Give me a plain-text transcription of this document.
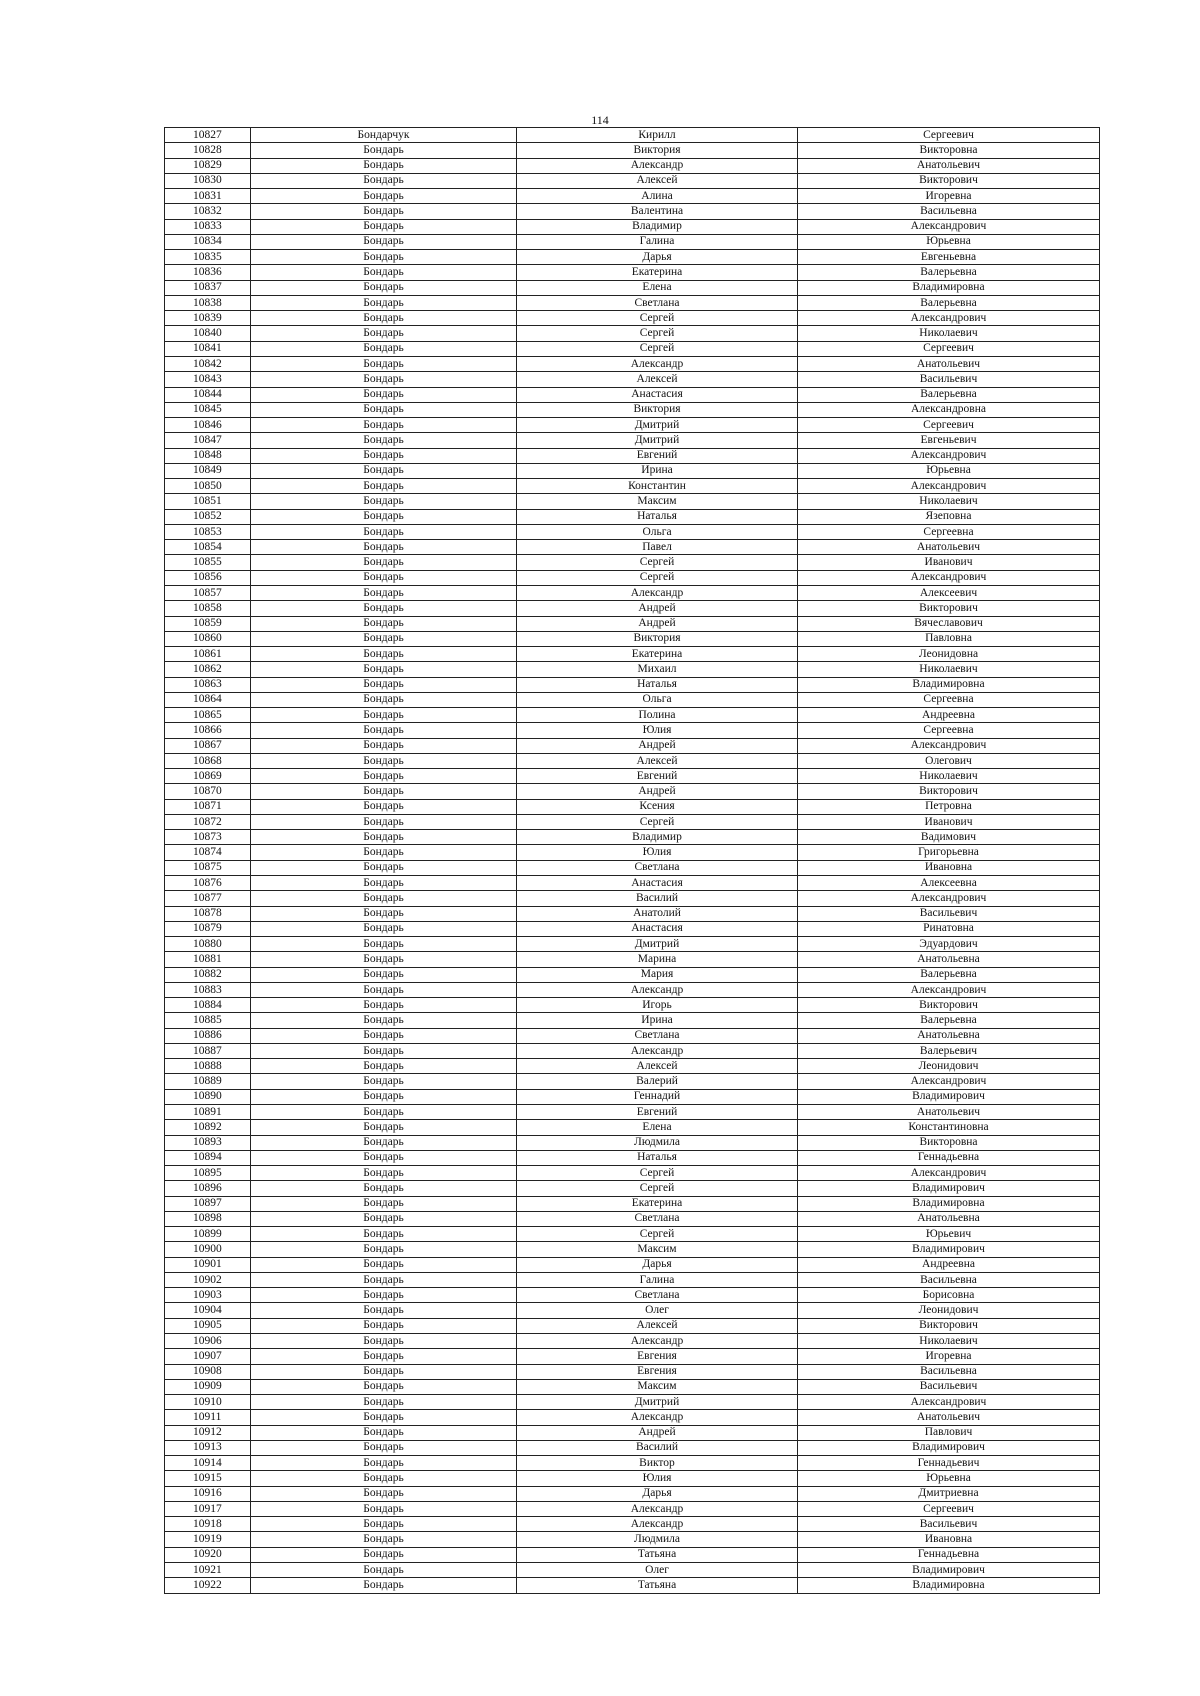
114
10827	Бондарчук	Кирилл	Сергеевич
10828	Бондарь	Виктория	Викторовна
10829	Бондарь	Александр	Анатольевич
10830	Бондарь	Алексей	Викторович
10831	Бондарь	Алина	Игоревна
10832	Бондарь	Валентина	Васильевна
10833	Бондарь	Владимир	Александрович
10834	Бондарь	Галина	Юрьевна
10835	Бондарь	Дарья	Евгеньевна
10836	Бондарь	Екатерина	Валерьевна
10837	Бондарь	Елена	Владимировна
10838	Бондарь	Светлана	Валерьевна
10839	Бондарь	Сергей	Александрович
10840	Бондарь	Сергей	Николаевич
10841	Бондарь	Сергей	Сергеевич
10842	Бондарь	Александр	Анатольевич
10843	Бондарь	Алексей	Васильевич
10844	Бондарь	Анастасия	Валерьевна
10845	Бондарь	Виктория	Александровна
10846	Бондарь	Дмитрий	Сергеевич
10847	Бондарь	Дмитрий	Евгеньевич
10848	Бондарь	Евгений	Александрович
10849	Бондарь	Ирина	Юрьевна
10850	Бондарь	Константин	Александрович
10851	Бондарь	Максим	Николаевич
10852	Бондарь	Наталья	Язеповна
10853	Бондарь	Ольга	Сергеевна
10854	Бондарь	Павел	Анатольевич
10855	Бондарь	Сергей	Иванович
10856	Бондарь	Сергей	Александрович
10857	Бондарь	Александр	Алексеевич
10858	Бондарь	Андрей	Викторович
10859	Бондарь	Андрей	Вячеславович
10860	Бондарь	Виктория	Павловна
10861	Бондарь	Екатерина	Леонидовна
10862	Бондарь	Михаил	Николаевич
10863	Бондарь	Наталья	Владимировна
10864	Бондарь	Ольга	Сергеевна
10865	Бондарь	Полина	Андреевна
10866	Бондарь	Юлия	Сергеевна
10867	Бондарь	Андрей	Александрович
10868	Бондарь	Алексей	Олегович
10869	Бондарь	Евгений	Николаевич
10870	Бондарь	Андрей	Викторович
10871	Бондарь	Ксения	Петровна
10872	Бондарь	Сергей	Иванович
10873	Бондарь	Владимир	Вадимович
10874	Бондарь	Юлия	Григорьевна
10875	Бондарь	Светлана	Ивановна
10876	Бондарь	Анастасия	Алексеевна
10877	Бондарь	Василий	Александрович
10878	Бондарь	Анатолий	Васильевич
10879	Бондарь	Анастасия	Ринатовна
10880	Бондарь	Дмитрий	Эдуардович
10881	Бондарь	Марина	Анатольевна
10882	Бондарь	Мария	Валерьевна
10883	Бондарь	Александр	Александрович
10884	Бондарь	Игорь	Викторович
10885	Бондарь	Ирина	Валерьевна
10886	Бондарь	Светлана	Анатольевна
10887	Бондарь	Александр	Валерьевич
10888	Бондарь	Алексей	Леонидович
10889	Бондарь	Валерий	Александрович
10890	Бондарь	Геннадий	Владимирович
10891	Бондарь	Евгений	Анатольевич
10892	Бондарь	Елена	Константиновна
10893	Бондарь	Людмила	Викторовна
10894	Бондарь	Наталья	Геннадьевна
10895	Бондарь	Сергей	Александрович
10896	Бондарь	Сергей	Владимирович
10897	Бондарь	Екатерина	Владимировна
10898	Бондарь	Светлана	Анатольевна
10899	Бондарь	Сергей	Юрьевич
10900	Бондарь	Максим	Владимирович
10901	Бондарь	Дарья	Андреевна
10902	Бондарь	Галина	Васильевна
10903	Бондарь	Светлана	Борисовна
10904	Бондарь	Олег	Леонидович
10905	Бондарь	Алексей	Викторович
10906	Бондарь	Александр	Николаевич
10907	Бондарь	Евгения	Игоревна
10908	Бондарь	Евгения	Васильевна
10909	Бондарь	Максим	Васильевич
10910	Бондарь	Дмитрий	Александрович
10911	Бондарь	Александр	Анатольевич
10912	Бондарь	Андрей	Павлович
10913	Бондарь	Василий	Владимирович
10914	Бондарь	Виктор	Геннадьевич
10915	Бондарь	Юлия	Юрьевна
10916	Бондарь	Дарья	Дмитриевна
10917	Бондарь	Александр	Сергеевич
10918	Бондарь	Александр	Васильевич
10919	Бондарь	Людмила	Ивановна
10920	Бондарь	Татьяна	Геннадьевна
10921	Бондарь	Олег	Владимирович
10922	Бондарь	Татьяна	Владимировна
